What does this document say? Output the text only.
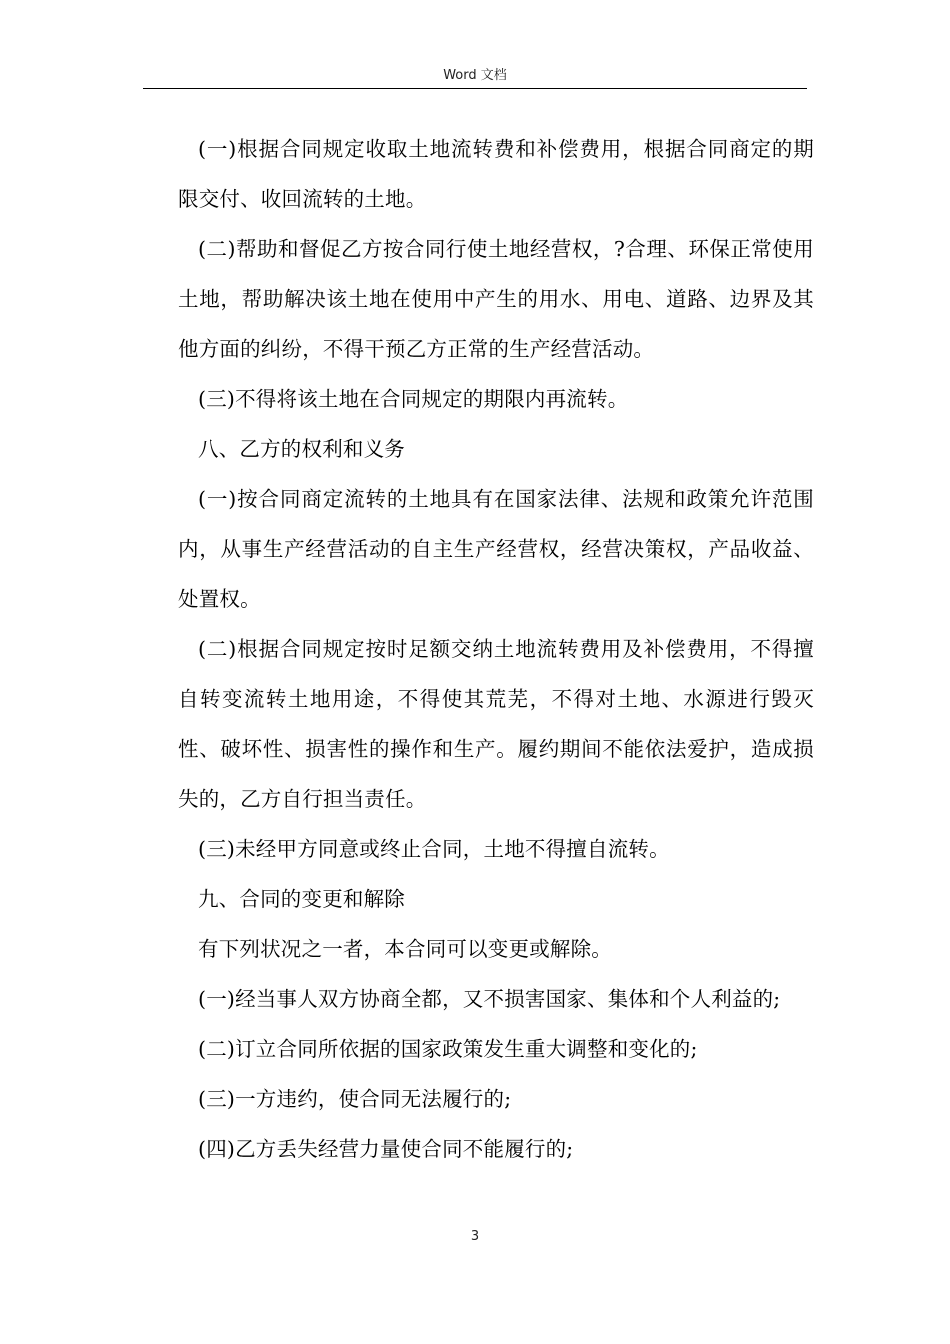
Word 文档

(一)根据合同规定收取土地流转费和补偿费用，根据合同商定的期限交付、收回流转的土地。

(二)帮助和督促乙方按合同行使土地经营权，?合理、环保正常使用土地，帮助解决该土地在使用中产生的用水、用电、道路、边界及其他方面的纠纷，不得干预乙方正常的生产经营活动。

(三)不得将该土地在合同规定的期限内再流转。

八、乙方的权利和义务

(一)按合同商定流转的土地具有在国家法律、法规和政策允许范围内，从事生产经营活动的自主生产经营权，经营决策权，产品收益、处置权。

(二)根据合同规定按时足额交纳土地流转费用及补偿费用，不得擅自转变流转土地用途，不得使其荒芜，不得对土地、水源进行毁灭性、破坏性、损害性的操作和生产。履约期间不能依法爱护，造成损失的，乙方自行担当责任。

(三)未经甲方同意或终止合同，土地不得擅自流转。

九、合同的变更和解除

有下列状况之一者，本合同可以变更或解除。

(一)经当事人双方协商全都，又不损害国家、集体和个人利益的;

(二)订立合同所依据的国家政策发生重大调整和变化的;

(三)一方违约，使合同无法履行的;

(四)乙方丢失经营力量使合同不能履行的;

3
